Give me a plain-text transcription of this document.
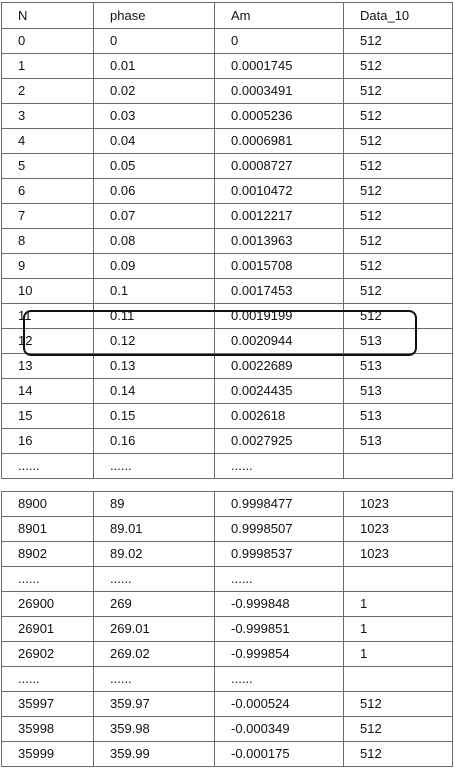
N	phase	Am	Data_10
0	0	0	512
1	0.01	0.0001745	512
2	0.02	0.0003491	512
3	0.03	0.0005236	512
4	0.04	0.0006981	512
5	0.05	0.0008727	512
6	0.06	0.0010472	512
7	0.07	0.0012217	512
8	0.08	0.0013963	512
9	0.09	0.0015708	512
10	0.1	0.0017453	512
11	0.11	0.0019199	512
12	0.12	0.0020944	513
13	0.13	0.0022689	513
14	0.14	0.0024435	513
15	0.15	0.002618	513
16	0.16	0.0027925	513
......	......	......	
8900	89	0.9998477	1023
8901	89.01	0.9998507	1023
8902	89.02	0.9998537	1023
......	......	......	
26900	269	-0.999848	1
26901	269.01	-0.999851	1
26902	269.02	-0.999854	1
......	......	......	
35997	359.97	-0.000524	512
35998	359.98	-0.000349	512
35999	359.99	-0.000175	512
